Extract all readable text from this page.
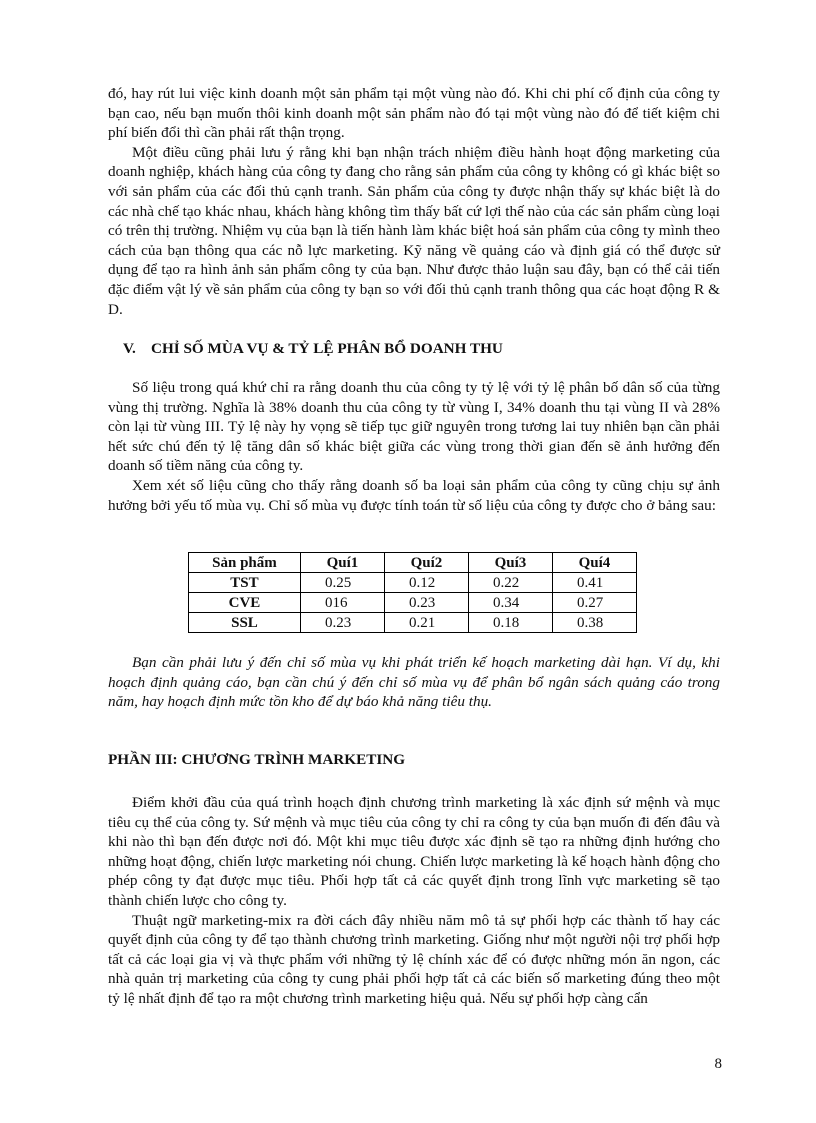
đó, hay rút lui việc kinh doanh một sản phẩm tại một vùng nào đó. Khi chi phí cố định của công ty bạn cao, nếu bạn muốn thôi kinh doanh một sản phẩm nào đó tại một vùng nào đó để tiết kiệm chi phí biến đổi thì cần phải rất thận trọng.

Một điều cũng phải lưu ý rằng khi bạn nhận trách nhiệm điều hành hoạt động marketing của doanh nghiệp, khách hàng của công ty đang cho rằng sản phẩm của công ty không có gì khác biệt so với sản phẩm của các đối thủ cạnh tranh. Sản phẩm của công ty được nhận thấy sự khác biệt là do các nhà chế tạo khác nhau, khách hàng không tìm thấy bất cứ lợi thế nào của các sản phẩm cùng loại có trên thị trường. Nhiệm vụ của bạn là tiến hành làm khác biệt hoá sản phẩm của công ty mình theo cách của bạn thông qua các nỗ lực marketing. Kỹ năng về quảng cáo và định giá có thể được sử dụng để tạo ra hình ảnh sản phẩm công ty của bạn. Như được thảo luận sau đây, bạn có thể cải tiến đặc điểm vật lý về sản phẩm của công ty bạn so với đối thủ cạnh tranh thông qua các hoạt động R & D.

V. CHỈ SỐ MÙA VỤ & TỶ LỆ PHÂN BỔ DOANH THU

Số liệu trong quá khứ chỉ ra rằng doanh thu của công ty tỷ lệ với tỷ lệ phân bố dân số của từng vùng thị trường. Nghĩa là 38% doanh thu của công ty từ vùng I, 34% doanh thu tại vùng II và 28% còn lại từ vùng III. Tỷ lệ này hy vọng sẽ tiếp tục giữ nguyên trong tương lai tuy nhiên bạn cần phải hết sức chú đến tỷ lệ tăng dân số khác biệt giữa các vùng trong thời gian đến sẽ ảnh hưởng đến doanh số tiềm năng của công ty.

Xem xét số liệu cũng cho thấy rằng doanh số ba loại sản phẩm của công ty cũng chịu sự ảnh hưởng bởi yếu tố mùa vụ. Chỉ số mùa vụ được tính toán từ số liệu của công ty được cho ở bảng sau:

Sản phẩm	Quí1	Quí2	Quí3	Quí4
TST	0.25	0.12	0.22	0.41
CVE	016	0.23	0.34	0.27
SSL	0.23	0.21	0.18	0.38

Bạn cần phải lưu ý đến chỉ số mùa vụ khi phát triển kế hoạch marketing dài hạn. Ví dụ, khi hoạch định quảng cáo, bạn cần chú ý đến chỉ số mùa vụ để phân bổ ngân sách quảng cáo trong năm, hay hoạch định mức tồn kho để dự báo khả năng tiêu thụ.

PHẦN III: CHƯƠNG TRÌNH MARKETING

Điểm khởi đầu của quá trình hoạch định chương trình marketing là xác định sứ mệnh và mục tiêu cụ thể của công ty. Sứ mệnh và mục tiêu của công ty chỉ ra công ty của bạn muốn đi đến đâu và khi nào thì bạn đến được nơi đó. Một khi mục tiêu được xác định sẽ tạo ra những định hướng cho những hoạt động, chiến lược marketing nói chung. Chiến lược marketing là kế hoạch hành động cho phép công ty đạt được mục tiêu. Phối hợp tất cả các quyết định trong lĩnh vực marketing sẽ tạo thành chiến lược cho công ty.

Thuật ngữ marketing-mix ra đời cách đây nhiều năm mô tả sự phối hợp các thành tố hay các quyết định của công ty để tạo thành chương trình marketing. Giống như một người nội trợ phối hợp tất cả các loại gia vị và thực phẩm với những tỷ lệ chính xác để có được những món ăn ngon, các nhà quản trị marketing của công ty cung phải phối hợp tất cả các biến số marketing đúng theo một tỷ lệ nhất định để tạo ra một chương trình marketing hiệu quả. Nếu sự phối hợp càng cẩn

8
